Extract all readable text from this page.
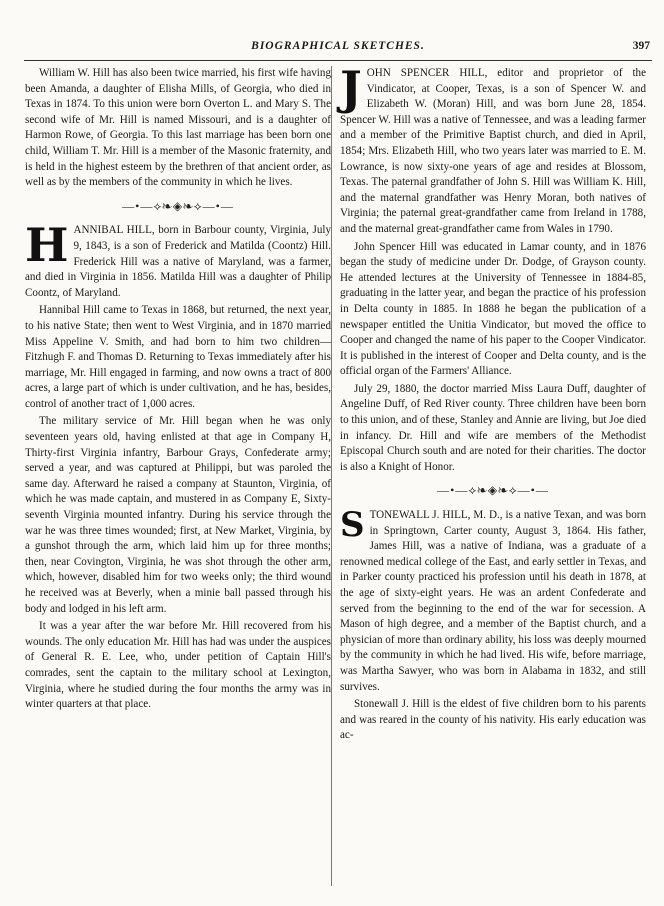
BIOGRAPHICAL SKETCHES.	397

William W. Hill has also been twice married, his first wife having been Amanda, a daughter of Elisha Mills, of Georgia, who died in Texas in 1874. To this union were born Overton L. and Mary S. The second wife of Mr. Hill is named Missouri, and is a daughter of Harmon Rowe, of Georgia. To this last marriage has been born one child, William T. Mr. Hill is a member of the Masonic fraternity, and is held in the highest esteem by the brethren of that ancient order, as well as by the members of the community in which he lives.

—•—⟡❧◈❧⟡—•—

H ANNIBAL HILL, born in Barbour county, Virginia, July 9, 1843, is a son of Frederick and Matilda (Coontz) Hill. Frederick Hill was a native of Maryland, was a farmer, and died in Virginia in 1856. Matilda Hill was a daughter of Philip Coontz, of Maryland.

Hannibal Hill came to Texas in 1868, but returned, the next year, to his native State; then went to West Virginia, and in 1870 married Miss Appeline V. Smith, and had born to him two children—Fitzhugh F. and Thomas D. Returning to Texas immediately after his marriage, Mr. Hill engaged in farming, and now owns a tract of 800 acres, a large part of which is under cultivation, and he has, besides, control of another tract of 1,000 acres.

The military service of Mr. Hill began when he was only seventeen years old, having enlisted at that age in Company H, Thirty-first Virginia infantry, Barbour Grays, Confederate army; served a year, and was captured at Philippi, but was paroled the same day. Afterward he raised a company at Staunton, Virginia, of which he was made captain, and mustered in as Company E, Sixty-seventh Virginia mounted infantry. During his service through the war he was three times wounded; first, at New Market, Virginia, by a gunshot through the arm, which laid him up for three months; then, near Covington, Virginia, he was shot through the other arm, which, however, disabled him for two weeks only; the third wound he received was at Beverly, when a minie ball passed through his body and lodged in his left arm.

It was a year after the war before Mr. Hill recovered from his wounds. The only education Mr. Hill has had was under the auspices of General R. E. Lee, who, under petition of Captain Hill's comrades, sent the captain to the military school at Lexington, Virginia, where he studied during the four months the army was in winter quarters at that place.

J OHN SPENCER HILL, editor and proprietor of the Vindicator, at Cooper, Texas, is a son of Spencer W. and Elizabeth W. (Moran) Hill, and was born June 28, 1854. Spencer W. Hill was a native of Tennessee, and was a leading farmer and a member of the Primitive Baptist church, and died in April, 1854; Mrs. Elizabeth Hill, who two years later was married to E. M. Lowrance, is now sixty-one years of age and resides at Blossom, Texas. The paternal grandfather of John S. Hill was William K. Hill, and the maternal grandfather was Henry Moran, both natives of Virginia; the paternal great-grandfather came from Ireland in 1788, and the maternal great-grandfather came from Wales in 1790.

John Spencer Hill was educated in Lamar county, and in 1876 began the study of medicine under Dr. Dodge, of Grayson county. He attended lectures at the University of Tennessee in 1884-85, graduating in the latter year, and began the practice of his profession in Delta county in 1885. In 1888 he began the publication of a newspaper entitled the Unitia Vindicator, but moved the office to Cooper and changed the name of his paper to the Cooper Vindicator. It is published in the interest of Cooper and Delta county, and is the official organ of the Farmers' Alliance.

July 29, 1880, the doctor married Miss Laura Duff, daughter of Angeline Duff, of Red River county. Three children have been born to this union, and of these, Stanley and Annie are living, but Joe died in infancy. Dr. Hill and wife are members of the Methodist Episcopal Church south and are noted for their charities. The doctor is also a Knight of Honor.

—•—⟡❧◈❧⟡—•—

S TONEWALL J. HILL, M. D., is a native Texan, and was born in Springtown, Carter county, August 3, 1864. His father, James Hill, was a native of Indiana, was a graduate of a renowned medical college of the East, and early settler in Texas, and in Parker county practiced his profession until his death in 1878, at the age of sixty-eight years. He was an ardent Confederate and served from the beginning to the end of the war for secession. A Mason of high degree, and a member of the Baptist church, and a physician of more than ordinary ability, his loss was deeply mourned by the community in which he had lived. His wife, before marriage, was Martha Sawyer, who was born in Alabama in 1832, and still survives.

Stonewall J. Hill is the eldest of five children born to his parents and was reared in the county of his nativity. His early education was ac-
